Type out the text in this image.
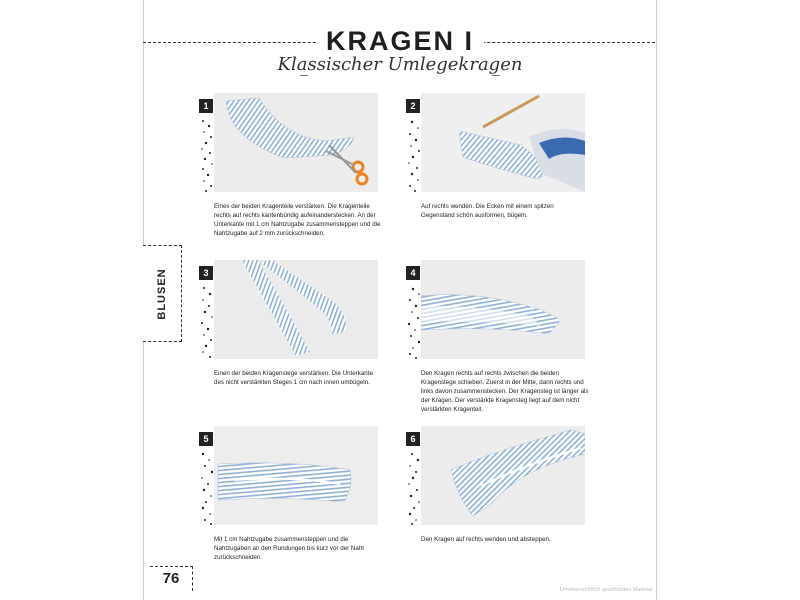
KRAGEN I
Klassischer Umlegekragen
BLUSEN
1
Eines der beiden Kragenteile verstärken. Die Kragenteile rechts auf rechts kantenbündig aufeinanderstecken. An der Unterkante mit 1 cm Nahtzugabe zusammensteppen und die Nahtzugabe auf 2 mm zurückschneiden.
2
Auf rechts wenden. Die Ecken mit einem spitzen Gegenstand schön ausformen, bügeln.
3
Einen der beiden Kragenstege verstärken. Die Unterkante des nicht verstärkten Steges 1 cm nach innen umbügeln.
4
Den Kragen rechts auf rechts zwischen die beiden Kragenstege schieben. Zuerst in der Mitte, dann rechts und links davon zusammenstecken. Der Kragensteg ist länger als der Kragen. Der verstärkte Kragensteg liegt auf dem nicht verstärkten Kragenteil.
5
Mit 1 cm Nahtzugabe zusammensteppen und die Nahtzugaben an den Rundungen bis kurz vor der Naht zurückschneiden.
6
Den Kragen auf rechts wenden und absteppen.
76
Urheberrechtlich geschütztes Material
